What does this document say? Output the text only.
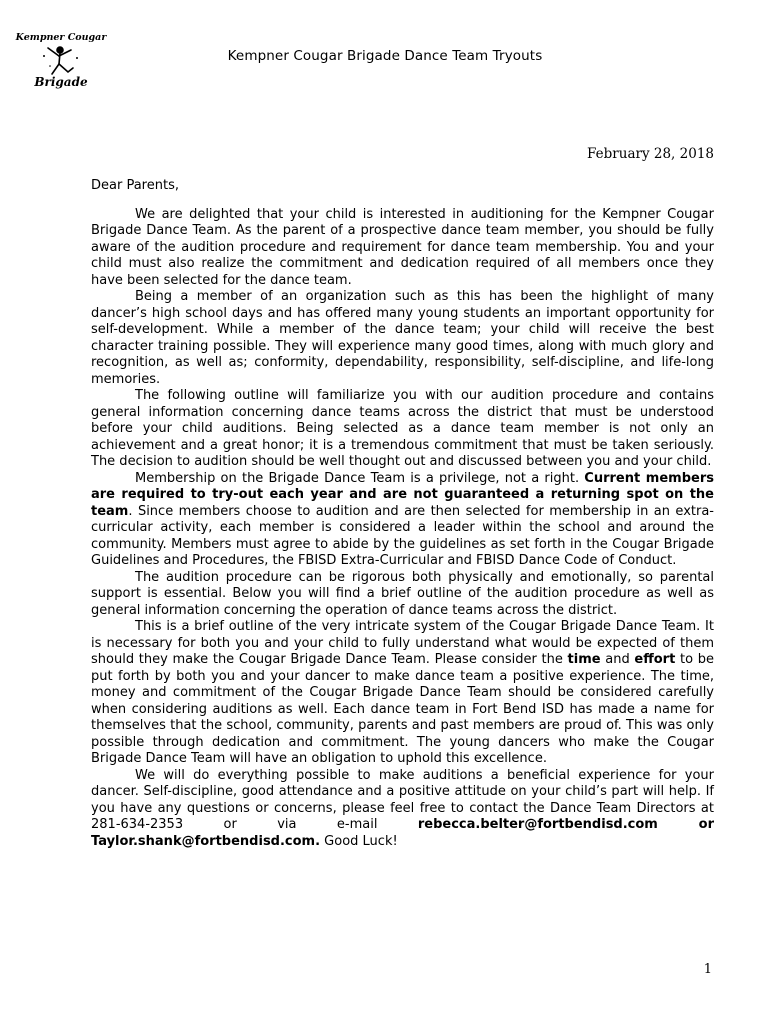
Kempner Cougar
Brigade
Kempner Cougar Brigade Dance Team Tryouts
February 28, 2018

Dear Parents,

We are delighted that your child is interested in auditioning for the Kempner Cougar Brigade Dance Team. As the parent of a prospective dance team member, you should be fully aware of the audition procedure and requirement for dance team membership. You and your child must also realize the commitment and dedication required of all members once they have been selected for the dance team.

Being a member of an organization such as this has been the highlight of many dancer’s high school days and has offered many young students an important opportunity for self-development. While a member of the dance team; your child will receive the best character training possible. They will experience many good times, along with much glory and recognition, as well as; conformity, dependability, responsibility, self-discipline, and life-long memories.

The following outline will familiarize you with our audition procedure and contains general information concerning dance teams across the district that must be understood before your child auditions. Being selected as a dance team member is not only an achievement and a great honor; it is a tremendous commitment that must be taken seriously. The decision to audition should be well thought out and discussed between you and your child.

Membership on the Brigade Dance Team is a privilege, not a right. Current members are required to try-out each year and are not guaranteed a returning spot on the team. Since members choose to audition and are then selected for membership in an extra-curricular activity, each member is considered a leader within the school and around the community. Members must agree to abide by the guidelines as set forth in the Cougar Brigade Guidelines and Procedures, the FBISD Extra-Curricular and FBISD Dance Code of Conduct.

The audition procedure can be rigorous both physically and emotionally, so parental support is essential. Below you will find a brief outline of the audition procedure as well as general information concerning the operation of dance teams across the district.

This is a brief outline of the very intricate system of the Cougar Brigade Dance Team. It is necessary for both you and your child to fully understand what would be expected of them should they make the Cougar Brigade Dance Team. Please consider the time and effort to be put forth by both you and your dancer to make dance team a positive experience. The time, money and commitment of the Cougar Brigade Dance Team should be considered carefully when considering auditions as well. Each dance team in Fort Bend ISD has made a name for themselves that the school, community, parents and past members are proud of. This was only possible through dedication and commitment. The young dancers who make the Cougar Brigade Dance Team will have an obligation to uphold this excellence.

We will do everything possible to make auditions a beneficial experience for your dancer. Self-discipline, good attendance and a positive attitude on your child’s part will help. If you have any questions or concerns, please feel free to contact the Dance Team Directors at 281-634-2353 or via e-mail rebecca.belter@fortbendisd.com or Taylor.shank@fortbendisd.com. Good Luck!

1
